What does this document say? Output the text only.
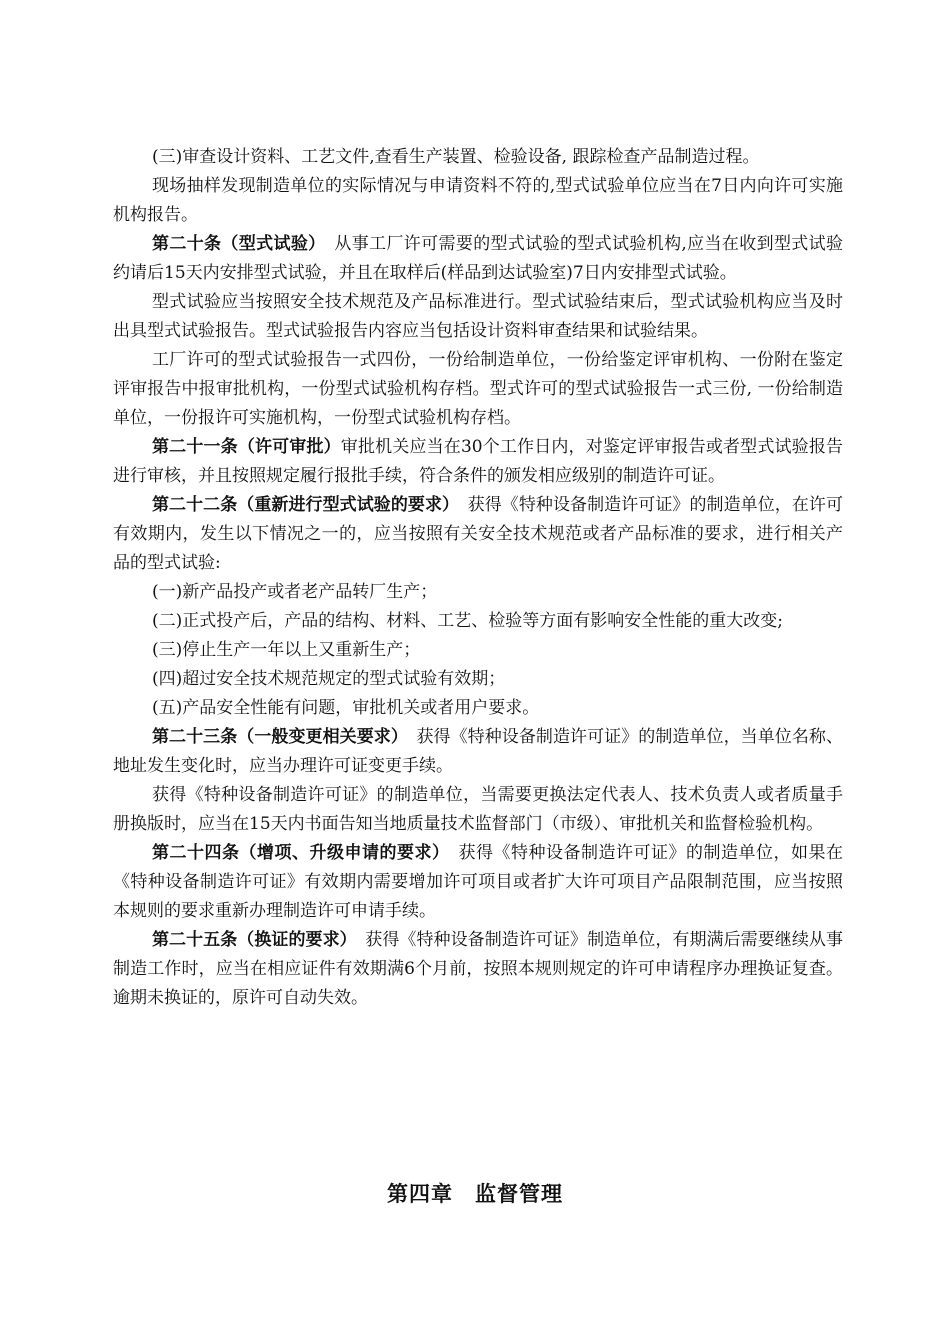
(三)审查设计资料、工艺文件,查看生产装置、检验设备, 跟踪检查产品制造过程。

现场抽样发现制造单位的实际情况与申请资料不符的,型式试验单位应当在7日内向许可实施机构报告。

第二十条（型式试验）　从事工厂许可需要的型式试验的型式试验机构,应当在收到型式试验约请后15天内安排型式试验，并且在取样后(样品到达试验室)7日内安排型式试验。

型式试验应当按照安全技术规范及产品标准进行。型式试验结束后，型式试验机构应当及时出具型式试验报告。型式试验报告内容应当包括设计资料审查结果和试验结果。

工厂许可的型式试验报告一式四份，一份给制造单位，一份给鉴定评审机构、一份附在鉴定评审报告中报审批机构，一份型式试验机构存档。型式许可的型式试验报告一式三份, 一份给制造单位，一份报许可实施机构，一份型式试验机构存档。

第二十一条（许可审批）审批机关应当在30个工作日内，对鉴定评审报告或者型式试验报告进行审核，并且按照规定履行报批手续，符合条件的颁发相应级别的制造许可证。

第二十二条（重新进行型式试验的要求）　获得《特种设备制造许可证》的制造单位，在许可有效期内，发生以下情况之一的，应当按照有关安全技术规范或者产品标准的要求，进行相关产品的型式试验:

(一)新产品投产或者老产品转厂生产；

(二)正式投产后，产品的结构、材料、工艺、检验等方面有影响安全性能的重大改变;

(三)停止生产一年以上又重新生产；

(四)超过安全技术规范规定的型式试验有效期；

(五)产品安全性能有问题，审批机关或者用户要求。

第二十三条（一般变更相关要求）　获得《特种设备制造许可证》的制造单位，当单位名称、地址发生变化时，应当办理许可证变更手续。

获得《特种设备制造许可证》的制造单位，当需要更换法定代表人、技术负责人或者质量手册换版时，应当在15天内书面告知当地质量技术监督部门（市级）、审批机关和监督检验机构。

第二十四条（增项、升级申请的要求）　获得《特种设备制造许可证》的制造单位，如果在《特种设备制造许可证》有效期内需要增加许可项目或者扩大许可项目产品限制范围，应当按照本规则的要求重新办理制造许可申请手续。

第二十五条（换证的要求）　获得《特种设备制造许可证》制造单位，有期满后需要继续从事制造工作时，应当在相应证件有效期满6个月前，按照本规则规定的许可申请程序办理换证复查。逾期未换证的，原许可自动失效。

第四章　监督管理
